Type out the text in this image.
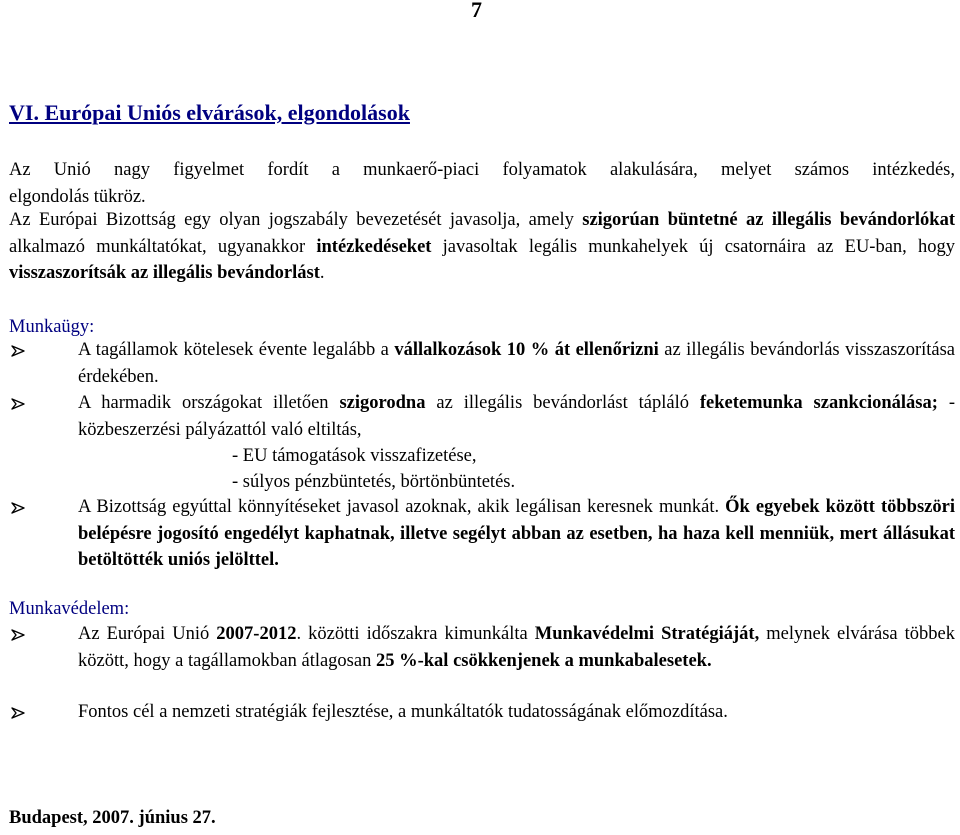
7
VI. Európai Uniós elvárások, elgondolások
Az Unió nagy figyelmet fordít a munkaerő-piaci folyamatok alakulására, melyet számos intézkedés,
elgondolás tükröz.
Az Európai Bizottság egy olyan jogszabály bevezetését javasolja, amely szigorúan büntetné az illegális bevándorlókat alkalmazó munkáltatókat, ugyanakkor intézkedéseket javasoltak legális munkahelyek új csatornáira az EU-ban, hogy visszaszorítsák az illegális bevándorlást.
Munkaügy:
A tagállamok kötelesek évente legalább a vállalkozások 10 % át ellenőrizni az illegális bevándorlás visszaszorítása érdekében.
A harmadik országokat illetően szigorodna az illegális bevándorlást tápláló feketemunka szankcionálása; - közbeszerzési pályázattól való eltiltás,
- EU támogatások visszafizetése,
- súlyos pénzbüntetés, börtönbüntetés.
A Bizottság egyúttal könnyítéseket javasol azoknak, akik legálisan keresnek munkát. Ők egyebek között többszöri belépésre jogosító engedélyt kaphatnak, illetve segélyt abban az esetben, ha haza kell menniük, mert állásukat betöltötték uniós jelölttel.
Munkavédelem:
Az Európai Unió 2007-2012. közötti időszakra kimunkálta Munkavédelmi Stratégiáját, melynek elvárása többek között, hogy a tagállamokban átlagosan 25 %-kal csökkenjenek a munkabalesetek.
Fontos cél a nemzeti stratégiák fejlesztése, a munkáltatók tudatosságának előmozdítása.
Budapest, 2007. június 27.
